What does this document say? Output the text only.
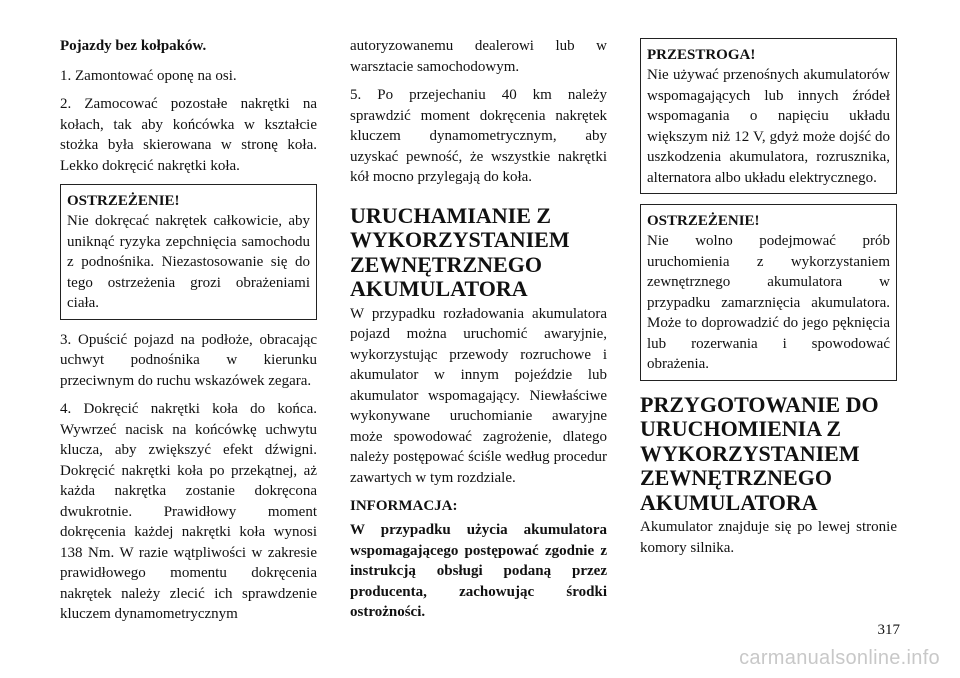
Pojazdy bez kołpaków.

1. Zamontować oponę na osi.

2. Zamocować pozostałe nakrętki na kołach, tak aby końcówka w kształcie stożka była skierowana w stronę koła. Lekko dokręcić nakrętki koła.

OSTRZEŻENIE!
Nie dokręcać nakrętek całkowicie, aby uniknąć ryzyka zepchnięcia samochodu z podnośnika. Niezastosowanie się do tego ostrzeżenia grozi obrażeniami ciała.

3. Opuścić pojazd na podłoże, obracając uchwyt podnośnika w kierunku przeciwnym do ruchu wskazówek zegara.

4. Dokręcić nakrętki koła do końca. Wywrzeć nacisk na końcówkę uchwytu klucza, aby zwiększyć efekt dźwigni. Dokręcić nakrętki koła po przekątnej, aż każda nakrętka zostanie dokręcona dwukrotnie. Prawidłowy moment dokręcenia każdej nakrętki koła wynosi 138 Nm. W razie wątpliwości w zakresie prawidłowego momentu dokręcenia nakrętek należy zlecić ich sprawdzenie kluczem dynamometrycznym

autoryzowanemu dealerowi lub w warsztacie samochodowym.

5. Po przejechaniu 40 km należy sprawdzić moment dokręcenia nakrętek kluczem dynamometrycznym, aby uzyskać pewność, że wszystkie nakrętki kół mocno przylegają do koła.

URUCHAMIANIE Z WYKORZYSTANIEM ZEWNĘTRZNEGO AKUMULATORA

W przypadku rozładowania akumulatora pojazd można uruchomić awaryjnie, wykorzystując przewody rozruchowe i akumulator w innym pojeździe lub akumulator wspomagający. Niewłaściwe wykonywane uruchomianie awaryjne może spowodować zagrożenie, dlatego należy postępować ściśle według procedur zawartych w tym rozdziale.

INFORMACJA:

W przypadku użycia akumulatora wspomagającego postępować zgodnie z instrukcją obsługi podaną przez producenta, zachowując środki ostrożności.

PRZESTROGA!
Nie używać przenośnych akumulatorów wspomagających lub innych źródeł wspomagania o napięciu układu większym niż 12 V, gdyż może dojść do uszkodzenia akumulatora, rozrusznika, alternatora albo układu elektrycznego.
OSTRZEŻENIE!
Nie wolno podejmować prób uruchomienia z wykorzystaniem zewnętrznego akumulatora w przypadku zamarznięcia akumulatora. Może to doprowadzić do jego pęknięcia lub rozerwania i spowodować obrażenia.
PRZYGOTOWANIE DO URUCHOMIENIA Z WYKORZYSTANIEM ZEWNĘTRZNEGO AKUMULATORA

Akumulator znajduje się po lewej stronie komory silnika.

317
carmanualsonline.info
